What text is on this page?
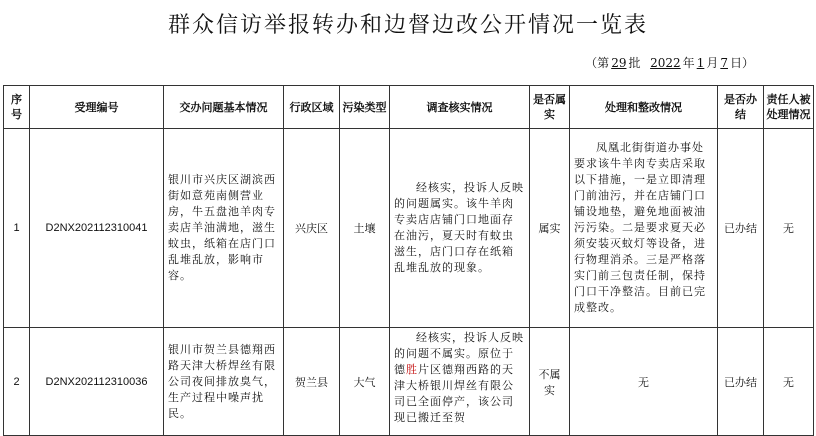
群众信访举报转办和边督边改公开情况一览表
（第 29 批 2022 年 1 月 7 日）
序号	受理编号	交办问题基本情况	行政区域	污染类型	调查核实情况	是否属实	处理和整改情况	是否办结	责任人被处理情况
1	D2NX202112310041	银川市兴庆区湖滨西街如意苑南侧营业房，牛五盘池羊肉专卖店羊油满地，滋生蚊虫，纸箱在店门口乱堆乱放，影响市容。	兴庆区	土壤	经核实，投诉人反映的问题属实。该牛羊肉专卖店店铺门口地面存在油污，夏天时有蚊虫滋生，店门口存在纸箱乱堆乱放的现象。	属实	凤凰北街街道办事处要求该牛羊肉专卖店采取以下措施，一是立即清理门前油污，并在店铺门口铺设地垫，避免地面被油污污染。二是要求夏天必须安装灭蚊灯等设备，进行物理消杀。三是严格落实门前三包责任制，保持门口干净整洁。目前已完成整改。	已办结	无
2	D2NX202112310036	银川市贺兰县德翔西路天津大桥焊丝有限公司夜间排放臭气，生产过程中噪声扰民。	贺兰县	大气	经核实，投诉人反映的问题不属实。原位于德胜片区德翔西路的天津大桥银川焊丝有限公司已全面停产，该公司现已搬迁至贺	不属实	无	已办结	无
